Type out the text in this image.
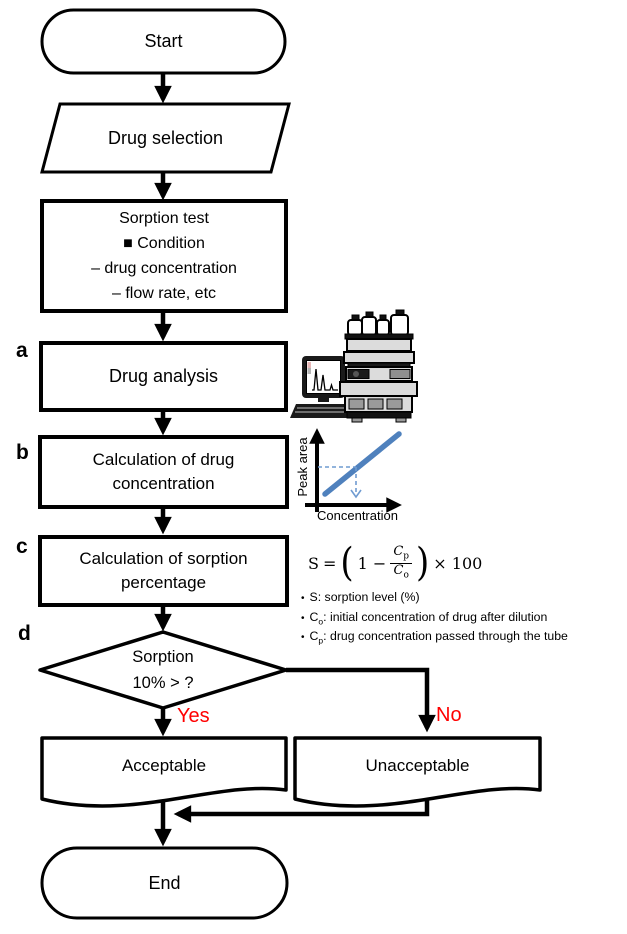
Start
Drug selection
Sorption test
■ Condition
– drug concentration
– flow rate, etc
a
Drug analysis
b	Calculation of drug
concentration	Peak area
Concentration
c
Calculation of sorption
percentage
S = ( $1 - \frac{C_p}{C_o}$ ) × 100
• S: sorption level (%)
• $C_o$: initial concentration of drug after dilution
• $C_p$: drug concentration passed through the tube
d
Sorption
10% > ?
Yes	No
Acceptable	Unacceptable
End
